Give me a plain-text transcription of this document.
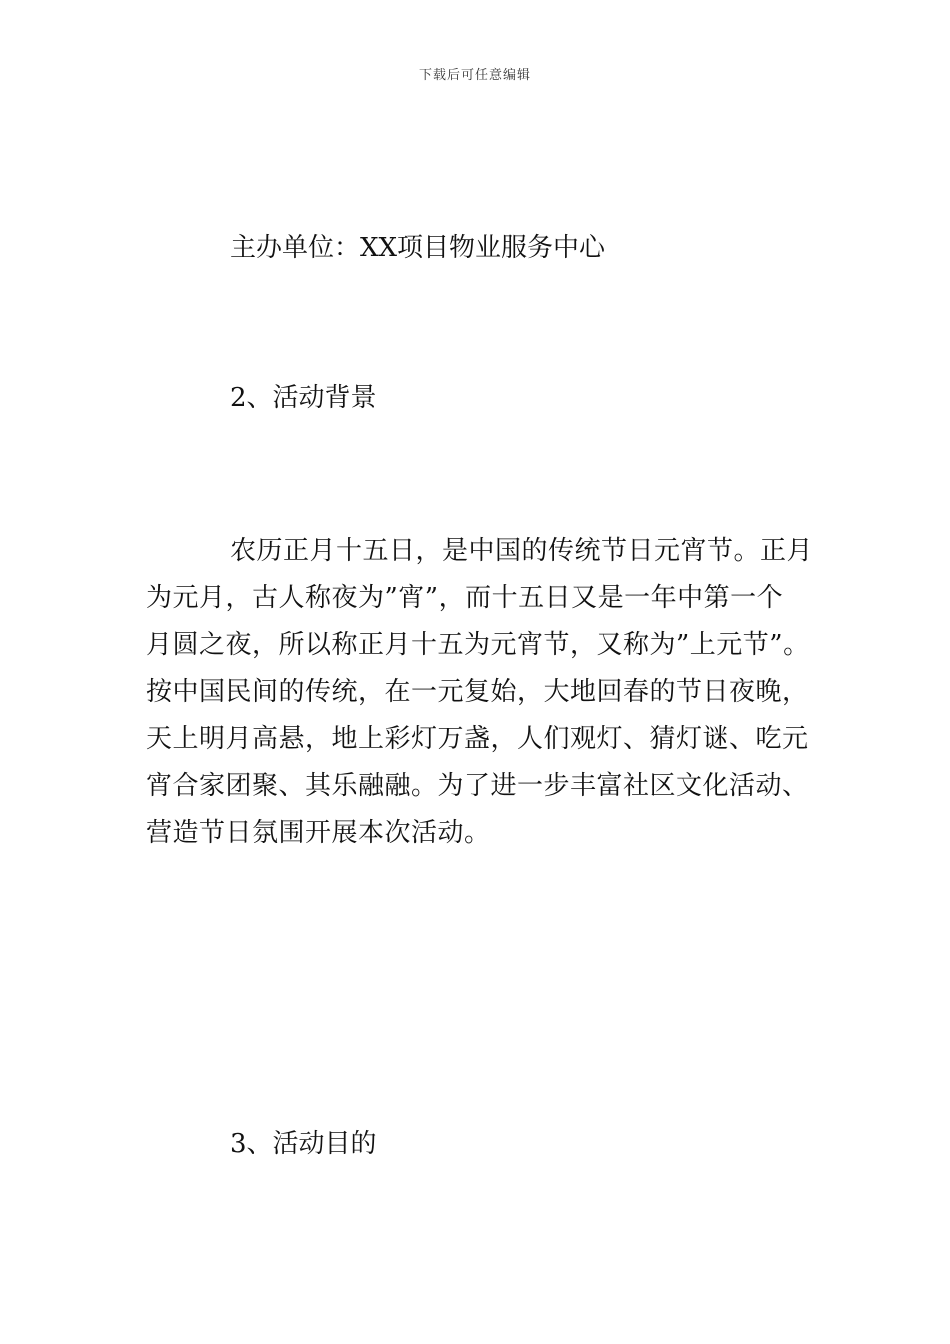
下载后可任意编辑
主办单位：XX项目物业服务中心
2、活动背景
农历正月十五日，是中国的传统节日元宵节。正月
为元月，古人称夜为”宵”，而十五日又是一年中第一个
月圆之夜，所以称正月十五为元宵节，又称为”上元节”。
按中国民间的传统，在一元复始，大地回春的节日夜晚，
天上明月高悬，地上彩灯万盏，人们观灯、猜灯谜、吃元
宵合家团聚、其乐融融。为了进一步丰富社区文化活动、
营造节日氛围开展本次活动。
3、活动目的
